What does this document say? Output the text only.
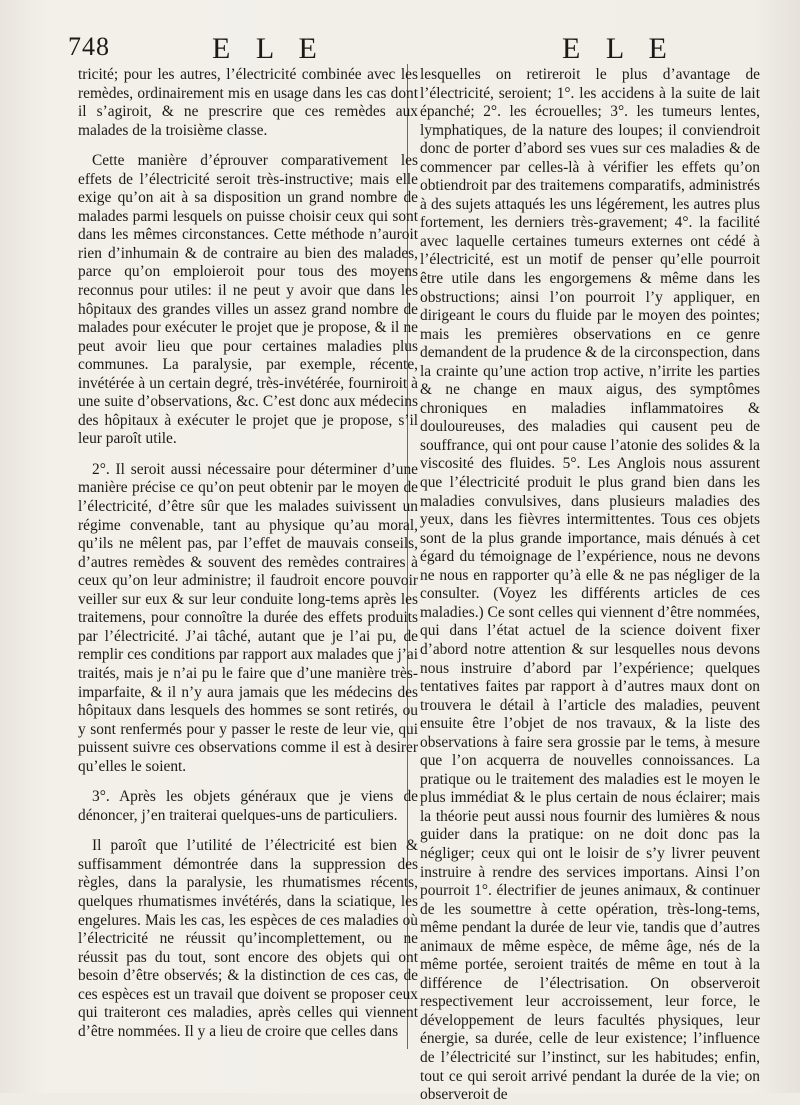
748	E L E	E L E

tricité; pour les autres, l’électricité combinée avec les remèdes, ordinairement mis en usage dans les cas dont il s’agiroit, & ne prescrire que ces remèdes aux malades de la troisième classe.

Cette manière d’éprouver comparativement les effets de l’électricité seroit très-instructive; mais elle exige qu’on ait à sa disposition un grand nombre de malades parmi lesquels on puisse choisir ceux qui sont dans les mêmes circonstances. Cette méthode n’auroit rien d’inhumain & de contraire au bien des malades, parce qu’on emploieroit pour tous des moyens reconnus pour utiles: il ne peut y avoir que dans les hôpitaux des grandes villes un assez grand nombre de malades pour exécuter le projet que je propose, & il ne peut avoir lieu que pour certaines maladies plus communes. La paralysie, par exemple, récente, invétérée à un certain degré, très-invétérée, fourniroit à une suite d’observations, &c. C’est donc aux médecins des hôpitaux à exécuter le projet que je propose, s’il leur paroît utile.

2°. Il seroit aussi nécessaire pour déterminer d’une manière précise ce qu’on peut obtenir par le moyen de l’électricité, d’être sûr que les malades suivissent un régime convenable, tant au physique qu’au moral, qu’ils ne mêlent pas, par l’effet de mauvais conseils, d’autres remèdes & souvent des remèdes contraires à ceux qu’on leur administre; il faudroit encore pouvoir veiller sur eux & sur leur conduite long-tems après les traitemens, pour connoître la durée des effets produits par l’électricité. J’ai tâché, autant que je l’ai pu, de remplir ces conditions par rapport aux malades que j’ai traités, mais je n’ai pu le faire que d’une manière très-imparfaite, & il n’y aura jamais que les médecins des hôpitaux dans lesquels des hommes se sont retirés, ou y sont renfermés pour y passer le reste de leur vie, qui puissent suivre ces observations comme il est à desirer qu’elles le soient.

3°. Après les objets généraux que je viens de dénoncer, j’en traiterai quelques-uns de particuliers.

Il paroît que l’utilité de l’électricité est bien & suffisamment démontrée dans la suppression des règles, dans la paralysie, les rhumatismes récents, quelques rhumatismes invétérés, dans la sciatique, les engelures. Mais les cas, les espèces de ces maladies où l’électricité ne réussit qu’incomplettement, ou ne réussit pas du tout, sont encore des objets qui ont besoin d’être observés; & la distinction de ces cas, de ces espèces est un travail que doivent se proposer ceux qui traiteront ces maladies, après celles qui viennent d’être nommées. Il y a lieu de croire que celles dans

lesquelles on retireroit le plus d’avantage de l’électricité, seroient; 1°. les accidens à la suite de lait épanché; 2°. les écrouelles; 3°. les tumeurs lentes, lymphatiques, de la nature des loupes; il conviendroit donc de porter d’abord ses vues sur ces maladies & de commencer par celles-là à vérifier les effets qu’on obtiendroit par des traitemens comparatifs, administrés à des sujets attaqués les uns légérement, les autres plus fortement, les derniers très-gravement; 4°. la facilité avec laquelle certaines tumeurs externes ont cédé à l’électricité, est un motif de penser qu’elle pourroit être utile dans les engorgemens & même dans les obstructions; ainsi l’on pourroit l’y appliquer, en dirigeant le cours du fluide par le moyen des pointes; mais les premières observations en ce genre demandent de la prudence & de la circonspection, dans la crainte qu’une action trop active, n’irrite les parties & ne change en maux aigus, des symptômes chroniques en maladies inflammatoires & douloureuses, des maladies qui causent peu de souffrance, qui ont pour cause l’atonie des solides & la viscosité des fluides. 5°. Les Anglois nous assurent que l’électricité produit le plus grand bien dans les maladies convulsives, dans plusieurs maladies des yeux, dans les fièvres intermittentes. Tous ces objets sont de la plus grande importance, mais dénués à cet égard du témoignage de l’expérience, nous ne devons ne nous en rapporter qu’à elle & ne pas négliger de la consulter. (Voyez les différents articles de ces maladies.) Ce sont celles qui viennent d’être nommées, qui dans l’état actuel de la science doivent fixer d’abord notre attention & sur lesquelles nous devons nous instruire d’abord par l’expérience; quelques tentatives faites par rapport à d’autres maux dont on trouvera le détail à l’article des maladies, peuvent ensuite être l’objet de nos travaux, & la liste des observations à faire sera grossie par le tems, à mesure que l’on acquerra de nouvelles connoissances. La pratique ou le traitement des maladies est le moyen le plus immédiat & le plus certain de nous éclairer; mais la théorie peut aussi nous fournir des lumières & nous guider dans la pratique: on ne doit donc pas la négliger; ceux qui ont le loisir de s’y livrer peuvent instruire à rendre des services importans. Ainsi l’on pourroit 1°. électrifier de jeunes animaux, & continuer de les soumettre à cette opération, très-long-tems, même pendant la durée de leur vie, tandis que d’autres animaux de même espèce, de même âge, nés de la même portée, seroient traités de même en tout à la différence de l’électrisation. On observeroit respectivement leur accroissement, leur force, le développement de leurs facultés physiques, leur énergie, sa durée, celle de leur existence; l’influence de l’électricité sur l’instinct, sur les habitudes; enfin, tout ce qui seroit arrivé pendant la durée de la vie; on observeroit de
